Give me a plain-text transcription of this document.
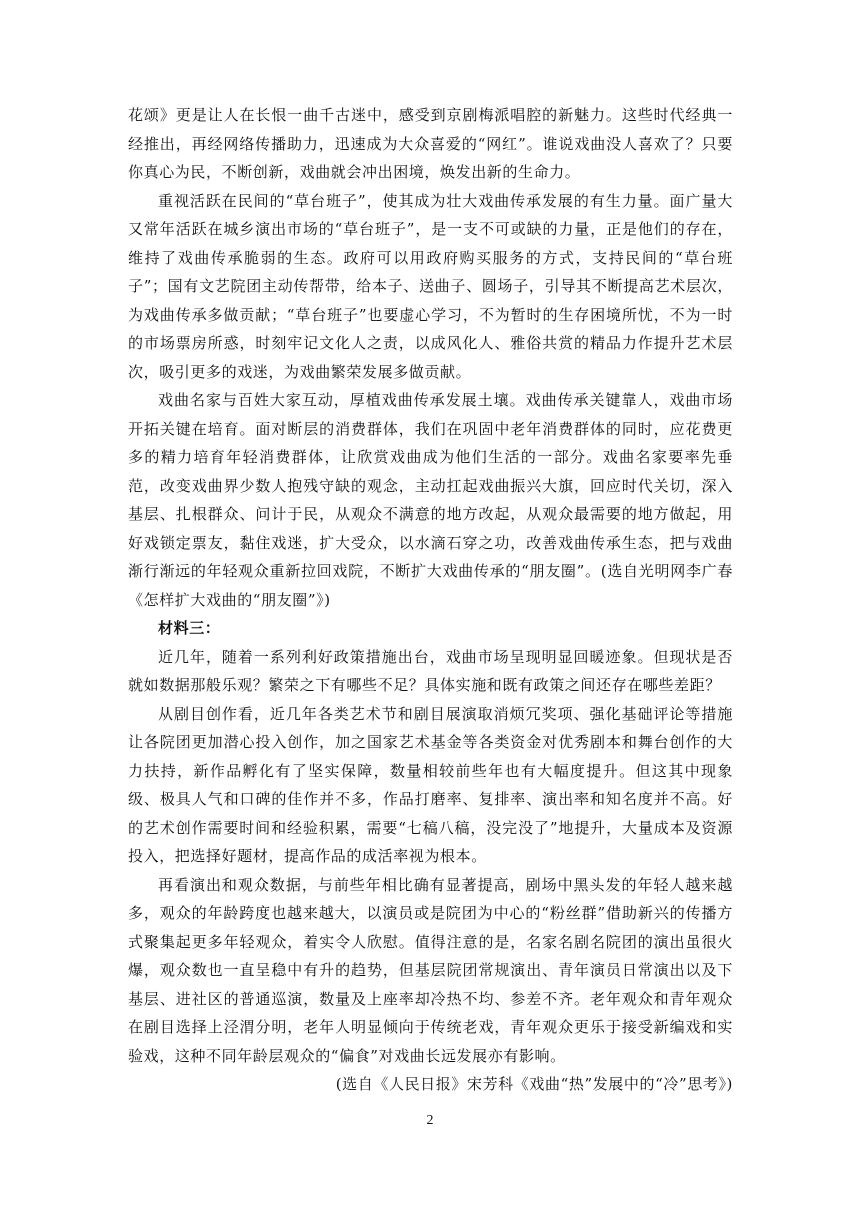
花颂》更是让人在长恨一曲千古迷中，感受到京剧梅派唱腔的新魅力。这些时代经典一经推出，再经网络传播助力，迅速成为大众喜爱的“网红”。谁说戏曲没人喜欢了？只要你真心为民，不断创新，戏曲就会冲出困境，焕发出新的生命力。

重视活跃在民间的“草台班子”，使其成为壮大戏曲传承发展的有生力量。面广量大又常年活跃在城乡演出市场的“草台班子”，是一支不可或缺的力量，正是他们的存在，维持了戏曲传承脆弱的生态。政府可以用政府购买服务的方式，支持民间的“草台班子”；国有文艺院团主动传帮带，给本子、送曲子、圆场子，引导其不断提高艺术层次，为戏曲传承多做贡献；“草台班子”也要虚心学习，不为暂时的生存困境所忧，不为一时的市场票房所惑，时刻牢记文化人之责，以成风化人、雅俗共赏的精品力作提升艺术层次，吸引更多的戏迷，为戏曲繁荣发展多做贡献。

戏曲名家与百姓大家互动，厚植戏曲传承发展土壤。戏曲传承关键靠人，戏曲市场开拓关键在培育。面对断层的消费群体，我们在巩固中老年消费群体的同时，应花费更多的精力培育年轻消费群体，让欣赏戏曲成为他们生活的一部分。戏曲名家要率先垂范，改变戏曲界少数人抱残守缺的观念，主动扛起戏曲振兴大旗，回应时代关切，深入基层、扎根群众、问计于民，从观众不满意的地方改起，从观众最需要的地方做起，用好戏锁定票友，黏住戏迷，扩大受众，以水滴石穿之功，改善戏曲传承生态，把与戏曲渐行渐远的年轻观众重新拉回戏院，不断扩大戏曲传承的“朋友圈”。(选自光明网李广春《怎样扩大戏曲的“朋友圈”》)

材料三：

近几年，随着一系列利好政策措施出台，戏曲市场呈现明显回暖迹象。但现状是否就如数据那般乐观？繁荣之下有哪些不足？具体实施和既有政策之间还存在哪些差距？

从剧目创作看，近几年各类艺术节和剧目展演取消烦冗奖项、强化基础评论等措施让各院团更加潜心投入创作，加之国家艺术基金等各类资金对优秀剧本和舞台创作的大力扶持，新作品孵化有了坚实保障，数量相较前些年也有大幅度提升。但这其中现象级、极具人气和口碑的佳作并不多，作品打磨率、复排率、演出率和知名度并不高。好的艺术创作需要时间和经验积累，需要“七稿八稿，没完没了”地提升，大量成本及资源投入，把选择好题材，提高作品的成活率视为根本。

再看演出和观众数据，与前些年相比确有显著提高，剧场中黑头发的年轻人越来越多，观众的年龄跨度也越来越大，以演员或是院团为中心的“粉丝群”借助新兴的传播方式聚集起更多年轻观众，着实令人欣慰。值得注意的是，名家名剧名院团的演出虽很火爆，观众数也一直呈稳中有升的趋势，但基层院团常规演出、青年演员日常演出以及下基层、进社区的普通巡演，数量及上座率却冷热不均、参差不齐。老年观众和青年观众在剧目选择上泾渭分明，老年人明显倾向于传统老戏，青年观众更乐于接受新编戏和实验戏，这种不同年龄层观众的“偏食”对戏曲长远发展亦有影响。

(选自《人民日报》宋芳科《戏曲“热”发展中的“冷”思考》)

2
